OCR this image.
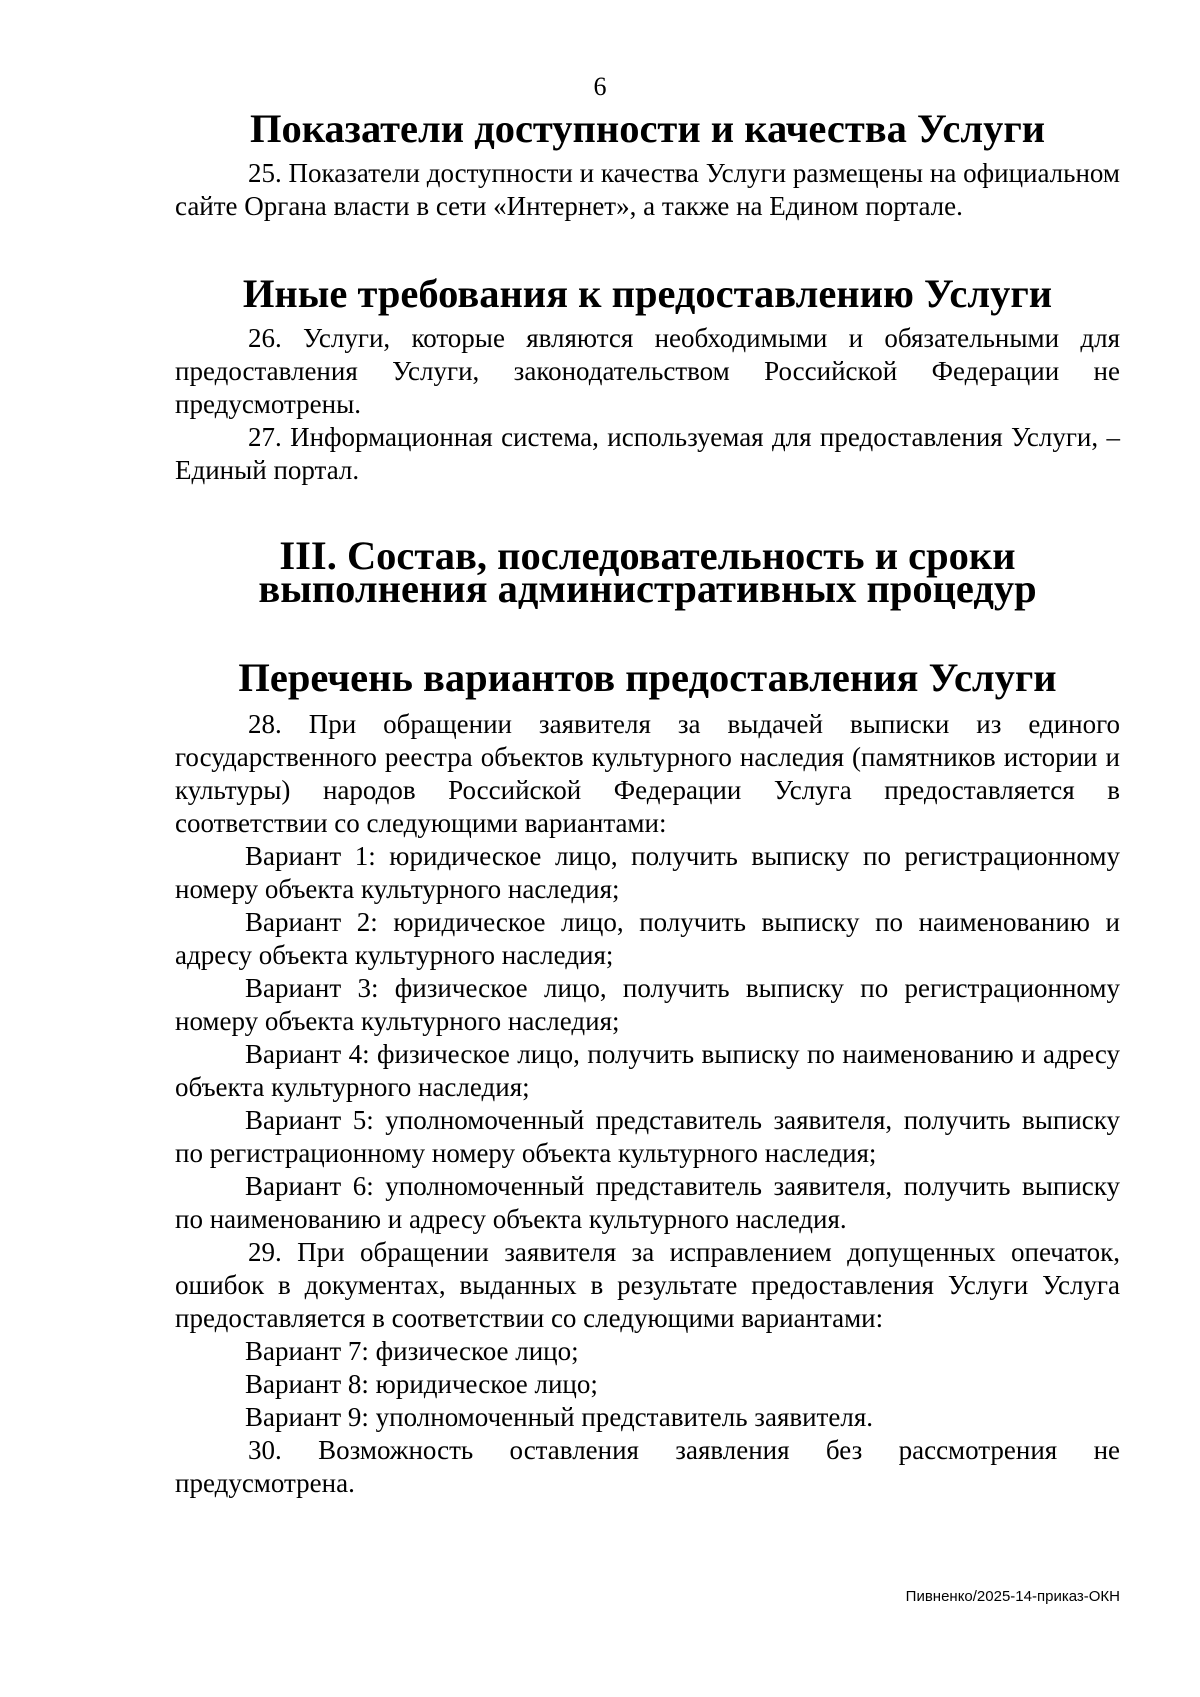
6

Показатели доступности и качества Услуги

25. Показатели доступности и качества Услуги размещены на официальном сайте Органа власти в сети «Интернет», а также на Едином портале.

Иные требования к предоставлению Услуги

26. Услуги, которые являются необходимыми и обязательными для предоставления Услуги, законодательством Российской Федерации не предусмотрены.

27. Информационная система, используемая для предоставления Услуги, – Единый портал.

III. Состав, последовательность и сроки выполнения административных процедур
Перечень вариантов предоставления Услуги

28. При обращении заявителя за выдачей выписки из единого государственного реестра объектов культурного наследия (памятников истории и культуры) народов Российской Федерации Услуга предоставляется в соответствии со следующими вариантами:

Вариант 1: юридическое лицо, получить выписку по регистрационному номеру объекта культурного наследия;

Вариант 2: юридическое лицо, получить выписку по наименованию и адресу объекта культурного наследия;

Вариант 3: физическое лицо, получить выписку по регистрационному номеру объекта культурного наследия;

Вариант 4: физическое лицо, получить выписку по наименованию и адресу объекта культурного наследия;

Вариант 5: уполномоченный представитель заявителя, получить выписку по регистрационному номеру объекта культурного наследия;

Вариант 6: уполномоченный представитель заявителя, получить выписку по наименованию и адресу объекта культурного наследия.

29. При обращении заявителя за исправлением допущенных опечаток, ошибок в документах, выданных в результате предоставления Услуги Услуга предоставляется в соответствии со следующими вариантами:

Вариант 7: физическое лицо;

Вариант 8: юридическое лицо;

Вариант 9: уполномоченный представитель заявителя.

30. Возможность оставления заявления без рассмотрения не предусмотрена.

Пивненко/2025-14-приказ-ОКН
